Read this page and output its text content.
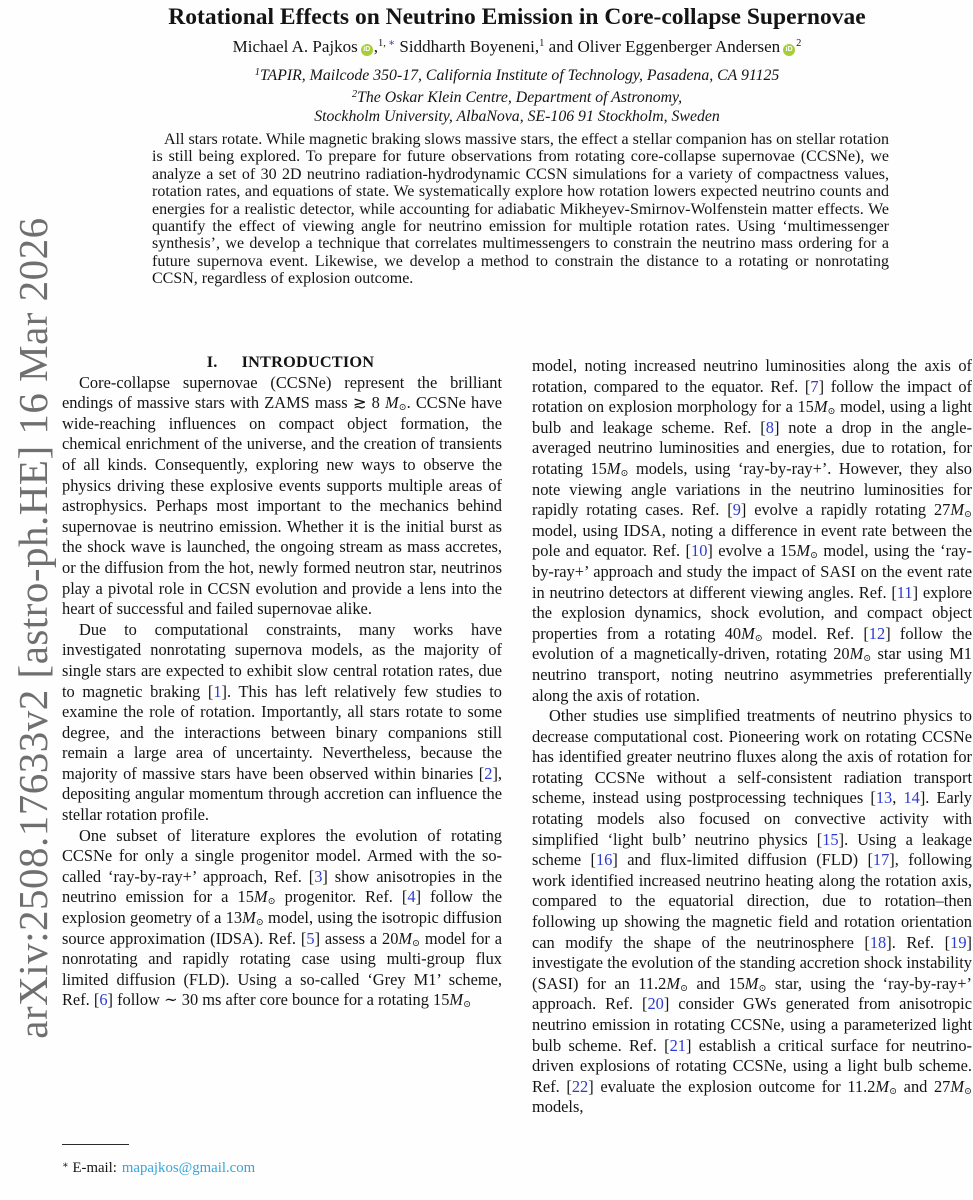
arXiv:2508.17633v2 [astro-ph.HE] 16 Mar 2026
Rotational Effects on Neutrino Emission in Core-collapse Supernovae
Michael A. Pajkos iD ,$^{1,}$ ∗ Siddharth Boyeneni,$^1$ and Oliver Eggenberger AnderseniD $^2$
$^1$TAPIR, Mailcode 350-17, California Institute of Technology, Pasadena, CA 91125
$^2$The Oskar Klein Centre, Department of Astronomy,
Stockholm University, AlbaNova, SE-106 91 Stockholm, Sweden
All stars rotate. While magnetic braking slows massive stars, the effect a stellar companion has on stellar rotation is still being explored. To prepare for future observations from rotating core-collapse supernovae (CCSNe), we analyze a set of 30 2D neutrino radiation-hydrodynamic CCSN simulations for a variety of compactness values, rotation rates, and equations of state. We systematically explore how rotation lowers expected neutrino counts and energies for a realistic detector, while accounting for adiabatic Mikheyev-Smirnov-Wolfenstein matter effects. We quantify the effect of viewing angle for neutrino emission for multiple rotation rates. Using ‘multimessenger synthesis’, we develop a technique that correlates multimessengers to constrain the neutrino mass ordering for a future supernova event. Likewise, we develop a method to constrain the distance to a rotating or nonrotating CCSN, regardless of explosion outcome.

I. INTRODUCTION

Core-collapse supernovae (CCSNe) represent the brilliant endings of massive stars with ZAMS mass ≳ 8 $M_⊙$. CCSNe have wide-reaching influences on compact object formation, the chemical enrichment of the universe, and the creation of transients of all kinds. Consequently, exploring new ways to observe the physics driving these explosive events supports multiple areas of astrophysics. Perhaps most important to the mechanics behind supernovae is neutrino emission. Whether it is the initial burst as the shock wave is launched, the ongoing stream as mass accretes, or the diffusion from the hot, newly formed neutron star, neutrinos play a pivotal role in CCSN evolution and provide a lens into the heart of successful and failed supernovae alike.

Due to computational constraints, many works have investigated nonrotating supernova models, as the majority of single stars are expected to exhibit slow central rotation rates, due to magnetic braking [1]. This has left relatively few studies to examine the role of rotation. Importantly, all stars rotate to some degree, and the interactions between binary companions still remain a large area of uncertainty. Nevertheless, because the majority of massive stars have been observed within binaries [2], depositing angular momentum through accretion can influence the stellar rotation profile.

One subset of literature explores the evolution of rotating CCSNe for only a single progenitor model. Armed with the so-called ‘ray-by-ray+’ approach, Ref. [3] show anisotropies in the neutrino emission for a $15M_⊙$ progenitor. Ref. [4] follow the explosion geometry of a $13M_⊙$ model, using the isotropic diffusion source approximation (IDSA). Ref. [5] assess a $20M_⊙$ model for a nonrotating and rapidly rotating case using multi-group flux limited diffusion (FLD). Using a so-called ‘Grey M1’ scheme, Ref. [6] follow ∼ 30 ms after core bounce for a rotating $15M_⊙$

model, noting increased neutrino luminosities along the axis of rotation, compared to the equator. Ref. [7] follow the impact of rotation on explosion morphology for a $15M_⊙$ model, using a light bulb and leakage scheme. Ref. [8] note a drop in the angle-averaged neutrino luminosities and energies, due to rotation, for rotating $15M_⊙$ models, using ‘ray-by-ray+’. However, they also note viewing angle variations in the neutrino luminosities for rapidly rotating cases. Ref. [9] evolve a rapidly rotating $27M_⊙$ model, using IDSA, noting a difference in event rate between the pole and equator. Ref. [10] evolve a $15M_⊙$ model, using the ‘ray-by-ray+’ approach and study the impact of SASI on the event rate in neutrino detectors at different viewing angles. Ref. [11] explore the explosion dynamics, shock evolution, and compact object properties from a rotating $40M_⊙$ model. Ref. [12] follow the evolution of a magnetically-driven, rotating $20M_⊙$ star using M1 neutrino transport, noting neutrino asymmetries preferentially along the axis of rotation.

Other studies use simplified treatments of neutrino physics to decrease computational cost. Pioneering work on rotating CCSNe has identified greater neutrino fluxes along the axis of rotation for rotating CCSNe without a self-consistent radiation transport scheme, instead using postprocessing techniques [13, 14]. Early rotating models also focused on convective activity with simplified ‘light bulb’ neutrino physics [15]. Using a leakage scheme [16] and flux-limited diffusion (FLD) [17], following work identified increased neutrino heating along the rotation axis, compared to the equatorial direction, due to rotation–then following up showing the magnetic field and rotation orientation can modify the shape of the neutrinosphere [18]. Ref. [19] investigate the evolution of the standing accretion shock instability (SASI) for an $11.2M_⊙$ and $15M_⊙$ star, using the ‘ray-by-ray+’ approach. Ref. [20] consider GWs generated from anisotropic neutrino emission in rotating CCSNe, using a parameterized light bulb scheme. Ref. [21] establish a critical surface for neutrino-driven explosions of rotating CCSNe, using a light bulb scheme. Ref. [22] evaluate the explosion outcome for $11.2M_⊙$ and $27M_⊙$ models,

∗ E-mail: mapajkos@gmail.com
